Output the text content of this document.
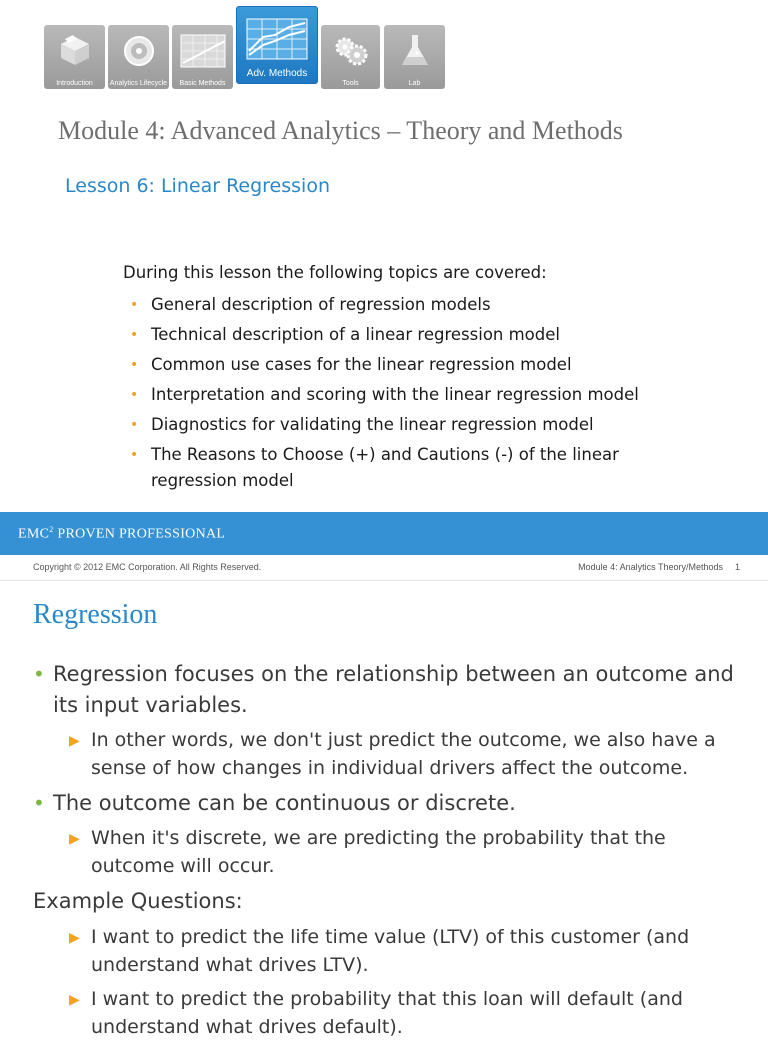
Introduction	Analytics Lifecycle	Basic Methods
Adv. Methods
Tools	Lab
Module 4: Advanced Analytics – Theory and Methods
Lesson 6: Linear Regression
During this lesson the following topics are covered:
• General description of regression models
• Technical description of a linear regression model
• Common use cases for the linear regression model
• Interpretation and scoring with the linear regression model
• Diagnostics for validating the linear regression model
• The Reasons to Choose (+) and Cautions (-) of the linear regression model
EMC$^2$ PROVEN PROFESSIONAL
Copyright © 2012 EMC Corporation. All Rights Reserved.	Module 4: Analytics Theory/Methods 1
Regression
• Regression focuses on the relationship between an outcome and its input variables.
▶ In other words, we don't just predict the outcome, we also have a sense of how changes in individual drivers affect the outcome.
• The outcome can be continuous or discrete.
▶ When it's discrete, we are predicting the probability that the outcome will occur.
Example Questions:
▶ I want to predict the life time value (LTV) of this customer (and understand what drives LTV).
▶ I want to predict the probability that this loan will default (and understand what drives default).
